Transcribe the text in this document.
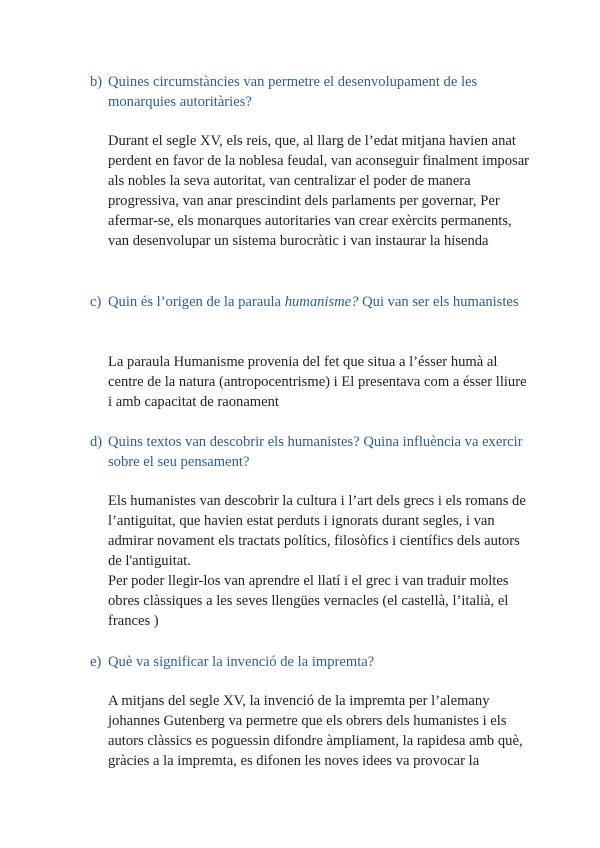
b) Quines circumstàncies van permetre el desenvolupament de les monarquies autoritàries?

Durant el segle XV, els reis, que, al llarg de l’edat mitjana havien anat perdent en favor de la noblesa feudal, van aconseguir finalment imposar als nobles la seva autoritat, van centralizar el poder de manera progressiva, van anar prescindint dels parlaments per governar, Per afermar-se, els monarques autoritaries van crear exèrcits permanents, van desenvolupar un sistema burocràtic i van instaurar la hisenda

c) Quin és l’origen de la paraula humanisme? Qui van ser els humanistes

La paraula Humanisme provenia del fet que situa a l’ésser humà al centre de la natura (antropocentrisme) i El presentava com a ésser lliure i amb capacitat de raonament

d) Quins textos van descobrir els humanistes? Quina influència va exercir sobre el seu pensament?

Els humanistes van descobrir la cultura i l’art dels grecs i els romans de l’antiguitat, que havien estat perduts i ignorats durant segles, i van admirar novament els tractats polítics, filosòfics i científics dels autors de l'antiguitat.

Per poder llegir-los van aprendre el llatí i el grec i van traduir moltes obres clàssiques a les seves llengües vernacles (el castellà, l’italià, el frances )

e) Què va significar la invenció de la impremta?

A mitjans del segle XV, la invenció de la impremta per l’alemany johannes Gutenberg va permetre que els obrers dels humanistes i els autors clàssics es poguessin difondre àmpliament, la rapidesa amb què, gràcies a la impremta, es difonen les noves idees va provocar la
